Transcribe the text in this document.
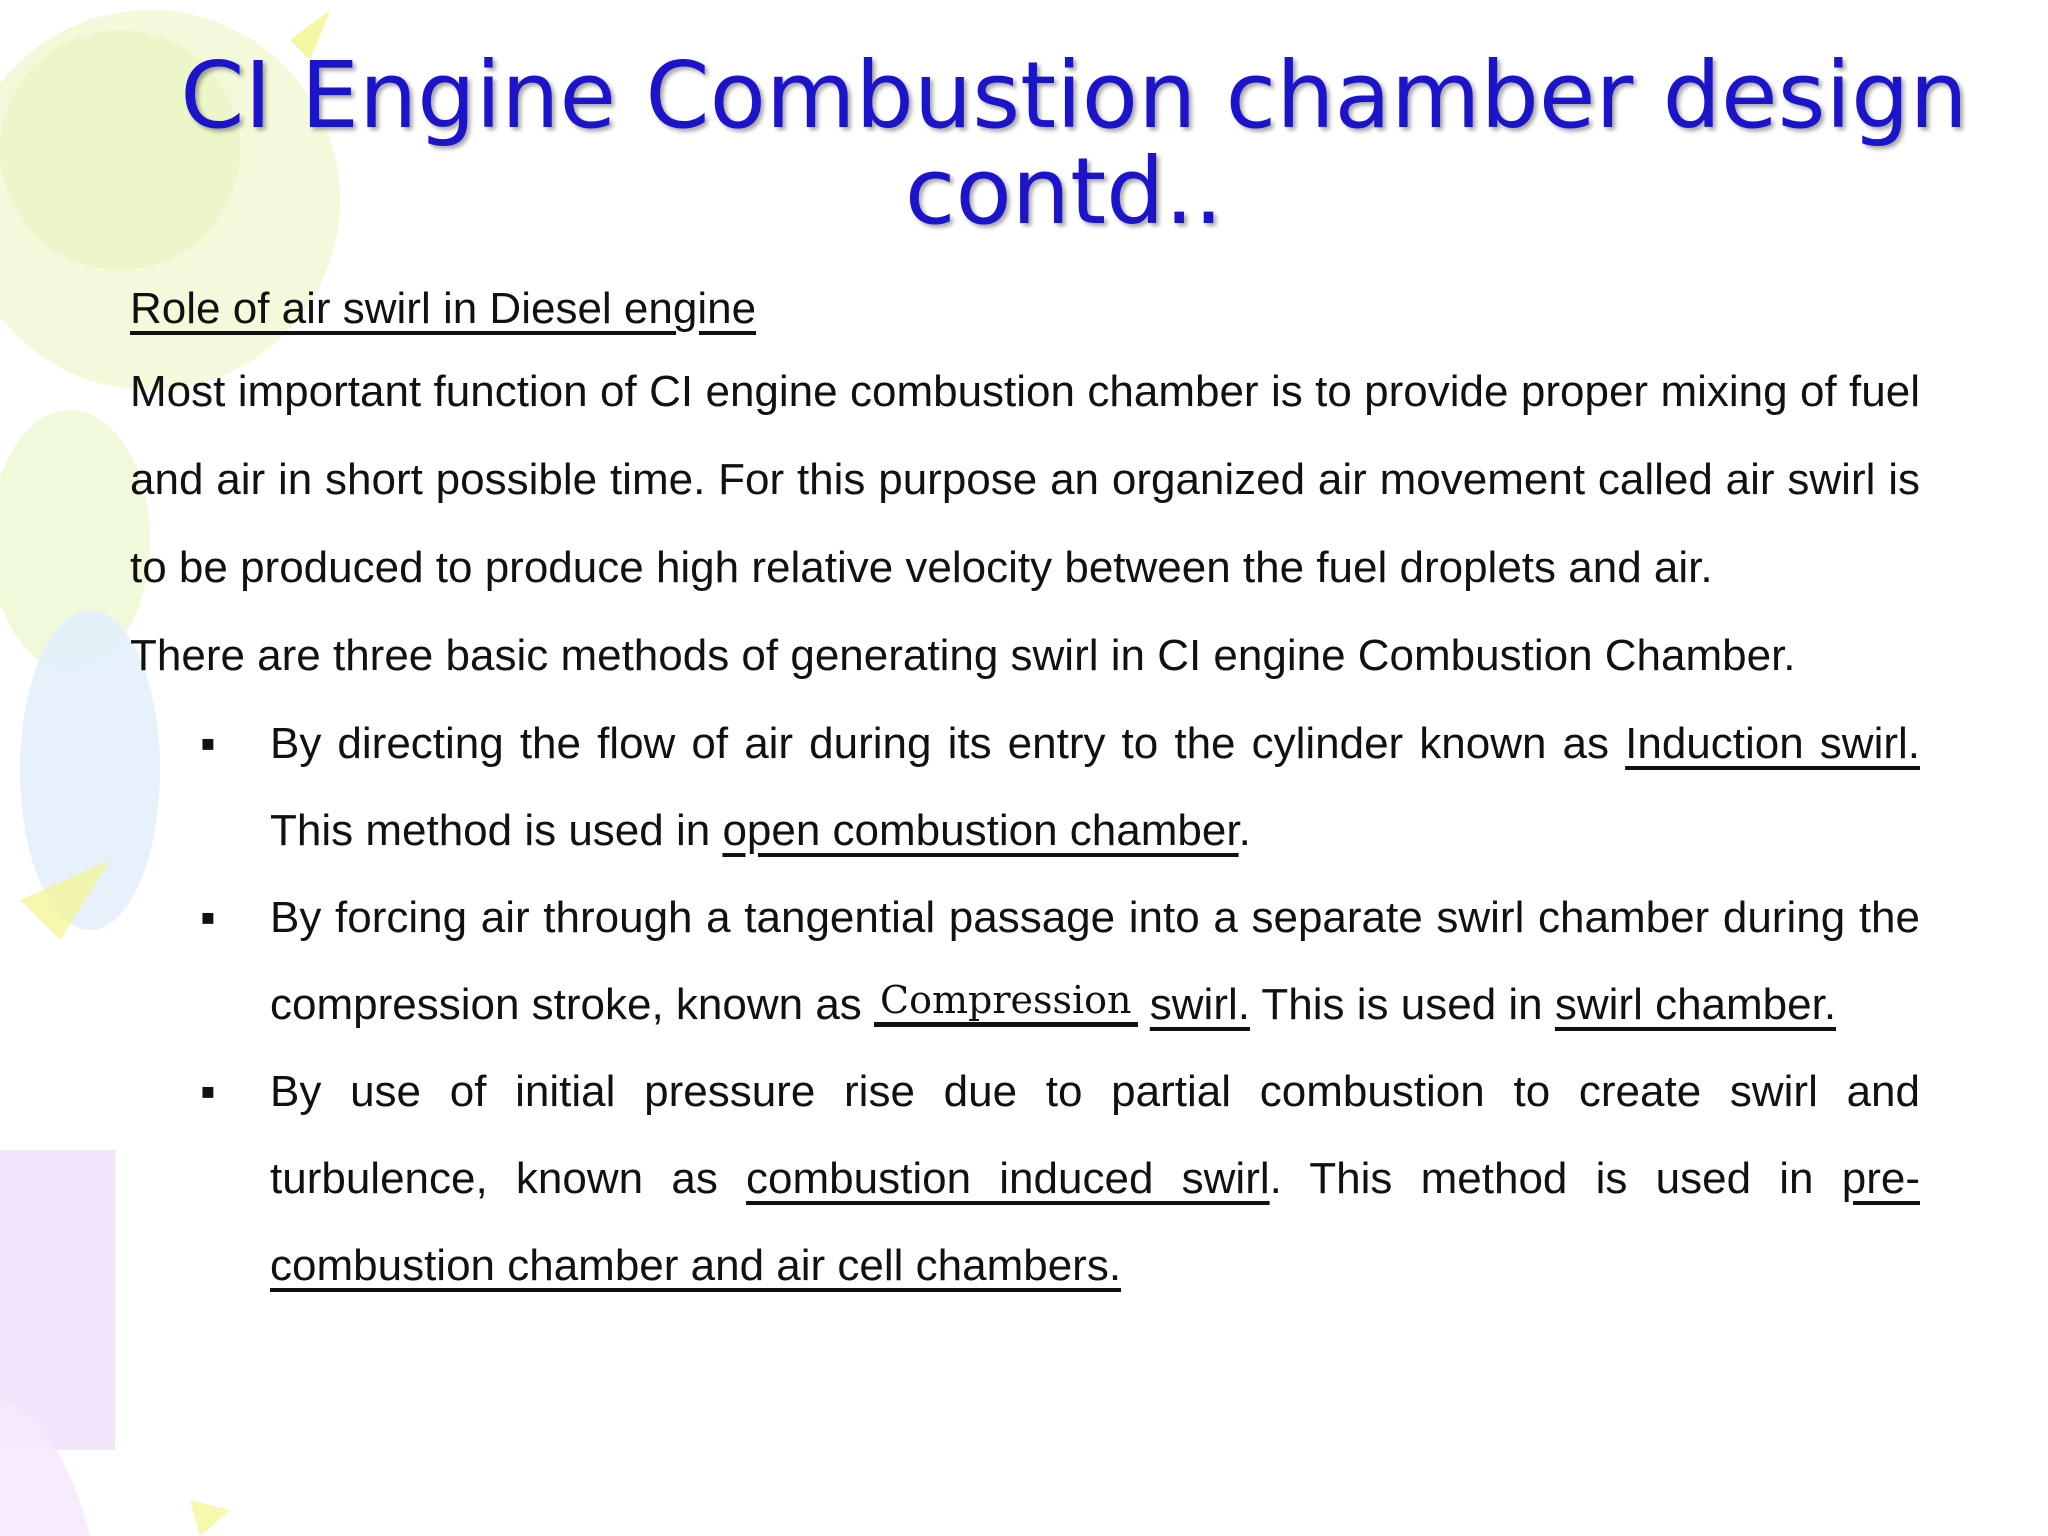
CI Engine Combustion chamber design
contd..
Role of air swirl in Diesel engine

Most important function of CI engine combustion chamber is to provide proper mixing of fuel and air in short possible time. For this purpose an organized air movement called air swirl is to be produced to produce high relative velocity between the fuel droplets and air.

There are three basic methods of generating swirl in CI engine Combustion Chamber.

▪ By directing the flow of air during its entry to the cylinder known as Induction swirl. This method is used in open combustion chamber.
▪ By forcing air through a tangential passage into a separate swirl chamber during the compression stroke, known as Compression swirl. This is used in swirl chamber.
▪ By use of initial pressure rise due to partial combustion to create swirl and turbulence, known as combustion induced swirl. This method is used in pre-combustion chamber and air cell chambers.
